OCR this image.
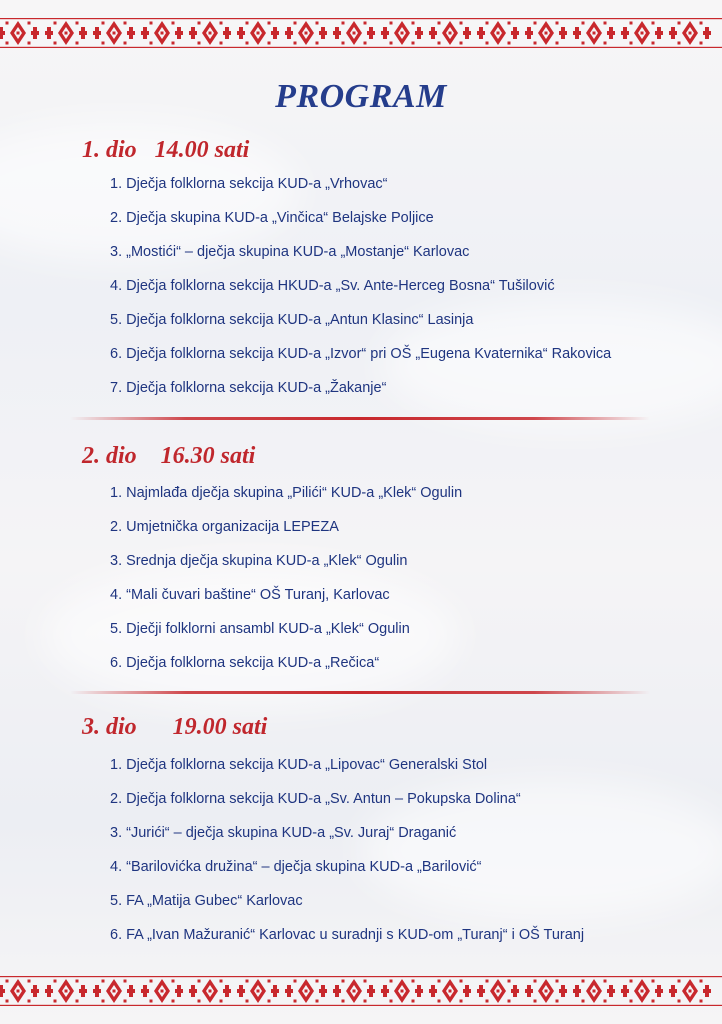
PROGRAM
1. dio 14.00 sati
1. Dječja folklorna sekcija KUD-a „Vrhovac“
2. Dječja skupina KUD-a „Vinčica“ Belajske Poljice
3. „Mostići“ – dječja skupina KUD-a „Mostanje“ Karlovac
4. Dječja folklorna sekcija HKUD-a „Sv. Ante-Herceg Bosna“ Tušilović
5. Dječja folklorna sekcija KUD-a „Antun Klasinc“ Lasinja
6. Dječja folklorna sekcija KUD-a „Izvor“ pri OŠ „Eugena Kvaternika“ Rakovica
7. Dječja folklorna sekcija KUD-a „Žakanje“
2. dio 16.30 sati
1. Najmlađa dječja skupina „Pilići“ KUD-a „Klek“ Ogulin
2. Umjetnička organizacija LEPEZA
3. Srednja dječja skupina KUD-a „Klek“ Ogulin
4. “Mali čuvari baštine“ OŠ Turanj, Karlovac
5. Dječji folklorni ansambl KUD-a „Klek“ Ogulin
6. Dječja folklorna sekcija KUD-a „Rečica“
3. dio 19.00 sati
1. Dječja folklorna sekcija KUD-a „Lipovac“ Generalski Stol
2. Dječja folklorna sekcija KUD-a „Sv. Antun – Pokupska Dolina“
3. “Jurići“ – dječja skupina KUD-a „Sv. Juraj“ Draganić
4. “Barilovićka družina“ – dječja skupina KUD-a „Barilović“
5. FA „Matija Gubec“ Karlovac
6. FA „Ivan Mažuranić“ Karlovac u suradnji s KUD-om „Turanj“ i OŠ Turanj
